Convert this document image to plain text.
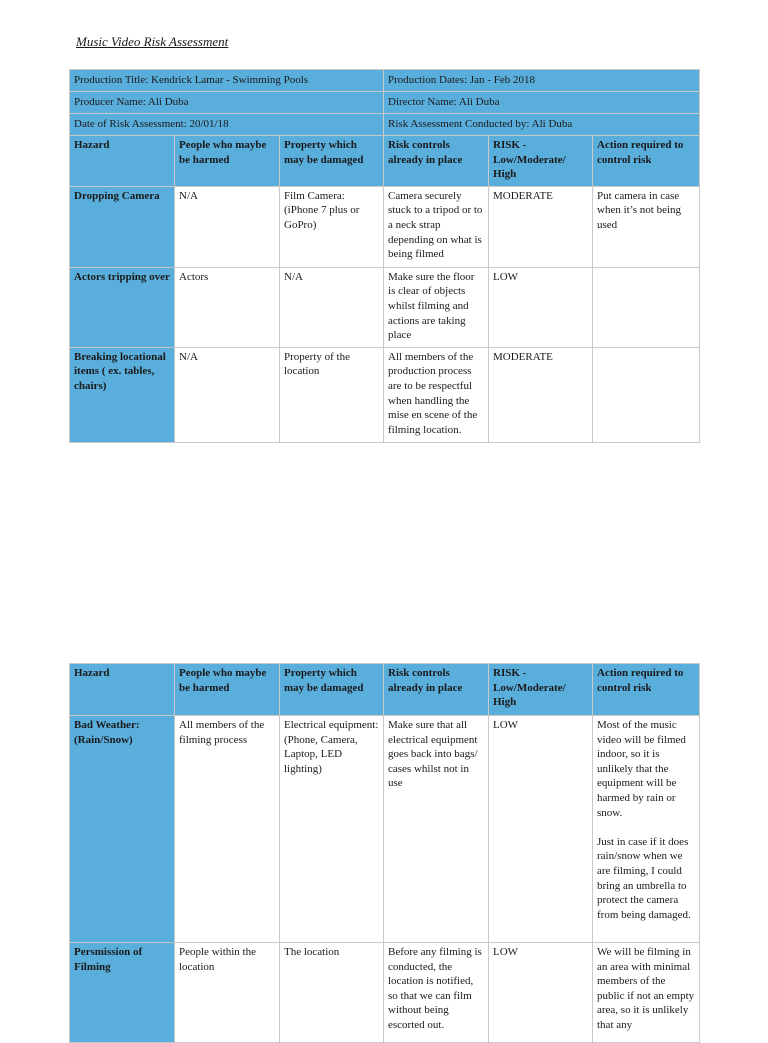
Music Video Risk Assessment
Production Title: Kendrick Lamar - Swimming Pools			Production Dates: Jan - Feb 2018		
Producer Name: Ali Duba			Director Name: Ali Duba		
Date of Risk Assessment: 20/01/18			Risk Assessment Conducted by: Ali Duba		
Hazard	People who maybe be harmed	Property which may be damaged	Risk controls already in place	RISK - Low/Moderate/ High	Action required to control risk
Dropping Camera	N/A	Film Camera: (iPhone 7 plus or GoPro)	Camera securely stuck to a tripod or to a neck strap depending on what is being filmed	MODERATE	Put camera in case when it’s not being used
Actors tripping over	Actors	N/A	Make sure the floor is clear of objects whilst filming and actions are taking place	LOW	
Breaking locational items ( ex. tables, chairs)	N/A	Property of the location	All members of the production process are to be respectful when handling the mise en scene of the filming location.	MODERATE	
Hazard	People who maybe be harmed	Property which may be damaged	Risk controls already in place	RISK - Low/Moderate/ High	Action required to control risk
Bad Weather: (Rain/Snow)	All members of the filming process	Electrical equipment: (Phone, Camera, Laptop, LED lighting)	Make sure that all electrical equipment goes back into bags/ cases whilst not in use	LOW	Most of the music video will be filmed indoor, so it is unlikely that the equipment will be harmed by rain or snow.
Just in case if it does rain/snow when we are filming, I could bring an umbrella to protect the camera from being damaged.

Persmission of Filming	People within the location	The location	Before any filming is conducted, the location is notified, so that we can film without being escorted out.	LOW	We will be filming in an area with minimal members of the public if not an empty area, so it is unlikely that any
